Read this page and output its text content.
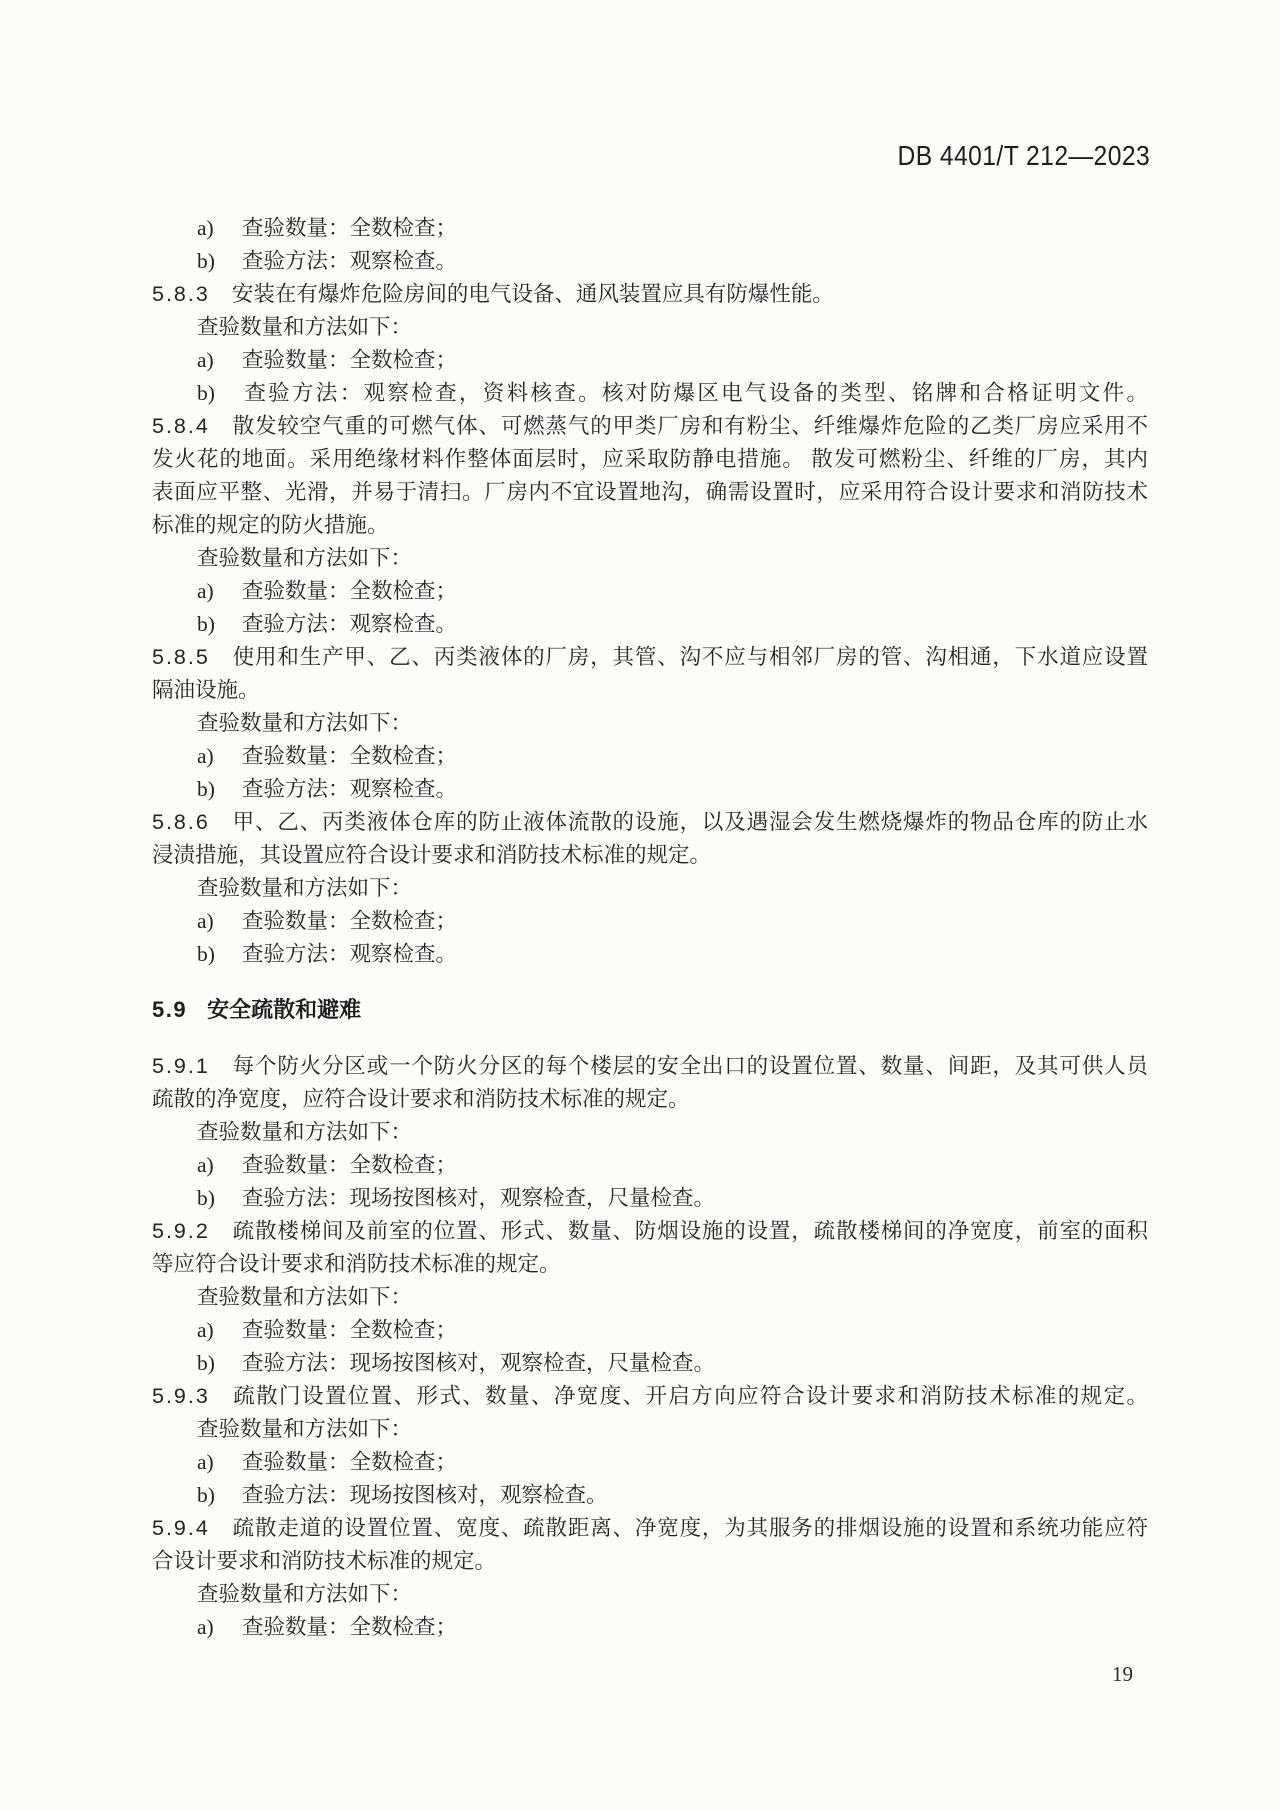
DB 4401/T 212—2023
a) 查验数量：全数检查；
b) 查验方法：观察检查。
5.8.3 安装在有爆炸危险房间的电气设备、通风装置应具有防爆性能。
查验数量和方法如下：
a) 查验数量：全数检查；
b) 查验方法：观察检查，资料核查。核对防爆区电气设备的类型、铭牌和合格证明文件。
5.8.4 散发较空气重的可燃气体、可燃蒸气的甲类厂房和有粉尘、纤维爆炸危险的乙类厂房应采用不
发火花的地面。采用绝缘材料作整体面层时，应采取防静电措施。 散发可燃粉尘、纤维的厂房，其内
表面应平整、光滑，并易于清扫。厂房内不宜设置地沟，确需设置时，应采用符合设计要求和消防技术
标准的规定的防火措施。
查验数量和方法如下：
a) 查验数量：全数检查；
b) 查验方法：观察检查。
5.8.5 使用和生产甲、乙、丙类液体的厂房，其管、沟不应与相邻厂房的管、沟相通，下水道应设置
隔油设施。
查验数量和方法如下：
a) 查验数量：全数检查；
b) 查验方法：观察检查。
5.8.6 甲、乙、丙类液体仓库的防止液体流散的设施，以及遇湿会发生燃烧爆炸的物品仓库的防止水
浸渍措施，其设置应符合设计要求和消防技术标准的规定。
查验数量和方法如下：
a) 查验数量：全数检查；
b) 查验方法：观察检查。
5.9 安全疏散和避难
5.9.1 每个防火分区或一个防火分区的每个楼层的安全出口的设置位置、数量、间距，及其可供人员
疏散的净宽度，应符合设计要求和消防技术标准的规定。
查验数量和方法如下：
a) 查验数量：全数检查；
b) 查验方法：现场按图核对，观察检查，尺量检查。
5.9.2 疏散楼梯间及前室的位置、形式、数量、防烟设施的设置，疏散楼梯间的净宽度，前室的面积
等应符合设计要求和消防技术标准的规定。
查验数量和方法如下：
a) 查验数量：全数检查；
b) 查验方法：现场按图核对，观察检查，尺量检查。
5.9.3 疏散门设置位置、形式、数量、净宽度、开启方向应符合设计要求和消防技术标准的规定。
查验数量和方法如下：
a) 查验数量：全数检查；
b) 查验方法：现场按图核对，观察检查。
5.9.4 疏散走道的设置位置、宽度、疏散距离、净宽度，为其服务的排烟设施的设置和系统功能应符
合设计要求和消防技术标准的规定。
查验数量和方法如下：
a) 查验数量：全数检查；
19
